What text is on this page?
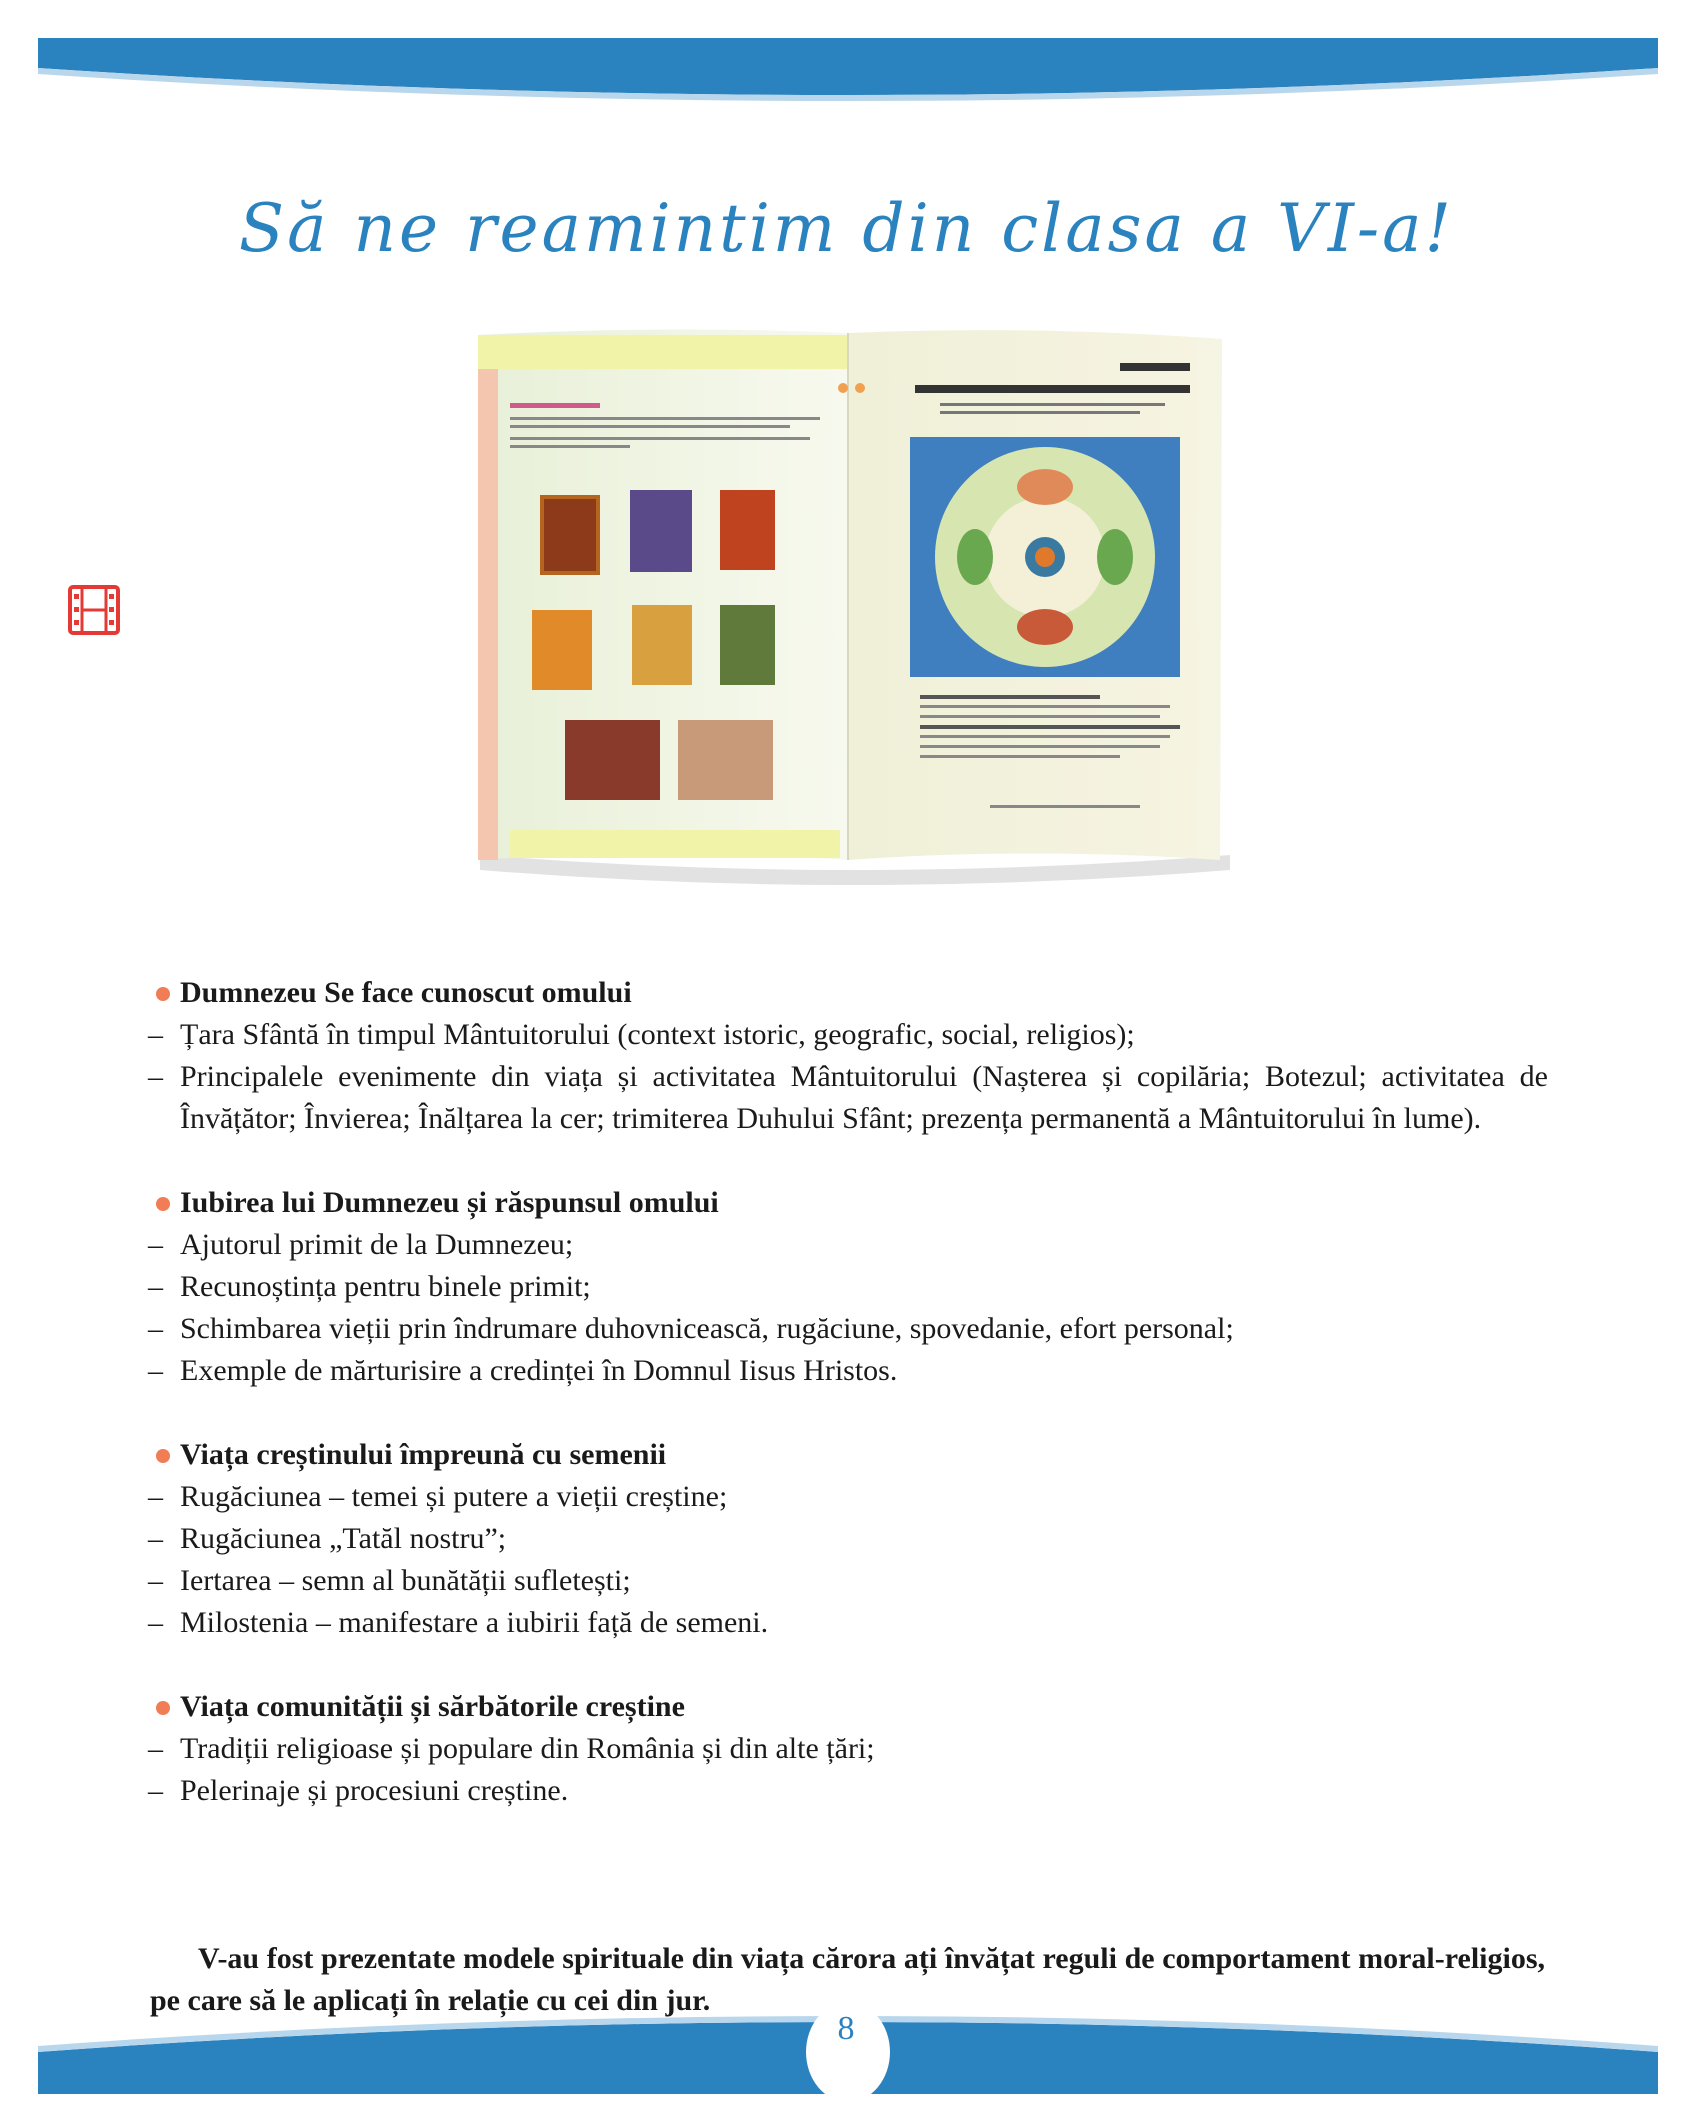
Să ne reamintim din clasa a VI-a!
Dumnezeu Se face cunoscut omului
– Țara Sfântă în timpul Mântuitorului (context istoric, geografic, social, religios);
– Principalele evenimente din viața și activitatea Mântuitorului (Nașterea și copilăria; Botezul; activitatea de Învățător; Învierea; Înălțarea la cer; trimiterea Duhului Sfânt; prezența permanentă a Mântuitorului în lume).
Iubirea lui Dumnezeu și răspunsul omului
– Ajutorul primit de la Dumnezeu;
– Recunoștința pentru binele primit;
– Schimbarea vieții prin îndrumare duhovnicească, rugăciune, spovedanie, efort personal;
– Exemple de mărturisire a credinței în Domnul Iisus Hristos.
Viața creștinului împreună cu semenii
– Rugăciunea – temei și putere a vieții creștine;
– Rugăciunea „Tatăl nostru”;
– Iertarea – semn al bunătății sufletești;
– Milostenia – manifestare a iubirii față de semeni.
Viața comunității și sărbătorile creștine
– Tradiții religioase și populare din România și din alte țări;
– Pelerinaje și procesiuni creștine.

V-au fost prezentate modele spirituale din viața cărora ați învățat reguli de comportament moral-religios, pe care să le aplicați în relație cu cei din jur.

8
